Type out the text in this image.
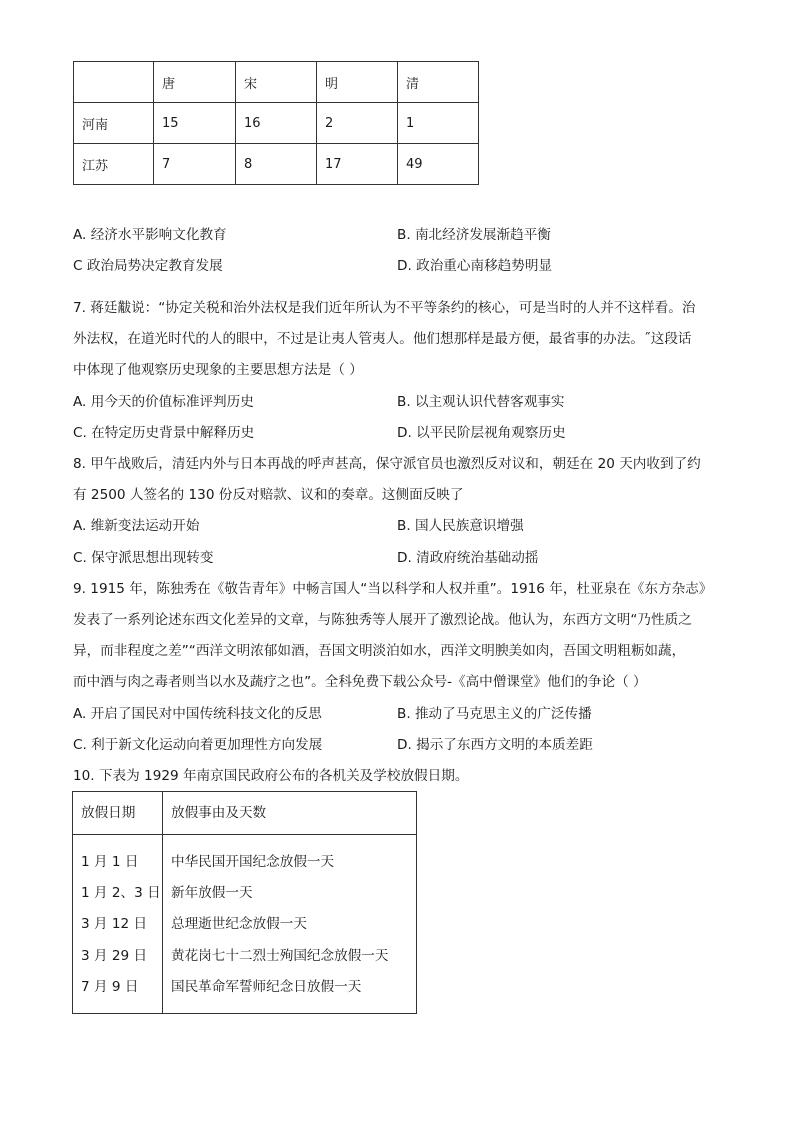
	唐	宋	明	清
河南	15	16	2	1
江苏	7	8	17	49
A. 经济水平影响文化教育	B. 南北经济发展渐趋平衡
C 政治局势决定教育发展	D. 政治重心南移趋势明显
7. 蒋廷黻说：“协定关税和治外法权是我们近年所认为不平等条约的核心，可是当时的人并不这样看。治
外法权，在道光时代的人的眼中，不过是让夷人管夷人。他们想那样是最方便，最省事的办法。˝这段话
中体现了他观察历史现象的主要思想方法是（ ）
A. 用今天的价值标准评判历史	B. 以主观认识代替客观事实
C. 在特定历史背景中解释历史	D. 以平民阶层视角观察历史
8. 甲午战败后，清廷内外与日本再战的呼声甚高，保守派官员也激烈反对议和，朝廷在 20 天内收到了约
有 2500 人签名的 130 份反对赔款、议和的奏章。这侧面反映了
A. 维新变法运动开始	B. 国人民族意识增强
C. 保守派思想出现转变	D. 清政府统治基础动摇
9. 1915 年，陈独秀在《敬告青年》中畅言国人“当以科学和人权并重”。1916 年，杜亚泉在《东方杂志》
发表了一系列论述东西文化差异的文章，与陈独秀等人展开了激烈论战。他认为，东西方文明“乃性质之
异，而非程度之差”“西洋文明浓郁如酒，吾国文明淡泊如水，西洋文明腴美如肉，吾国文明粗粝如蔬，
而中酒与肉之毒者则当以水及蔬疗之也”。全科免费下载公众号-《高中僧课堂》他们的争论（ ）
A. 开启了国民对中国传统科技文化的反思	B. 推动了马克思主义的广泛传播
C. 利于新文化运动向着更加理性方向发展	D. 揭示了东西方文明的本质差距
10. 下表为 1929 年南京国民政府公布的各机关及学校放假日期。
放假日期	放假事由及天数
1 月 1 日 中华民国开国纪念放假一天
1 月 2、3 日 新年放假一天
3 月 12 日 总理逝世纪念放假一天
3 月 29 日 黄花岗七十二烈士殉国纪念放假一天
7 月 9 日 国民革命军誓师纪念日放假一天
